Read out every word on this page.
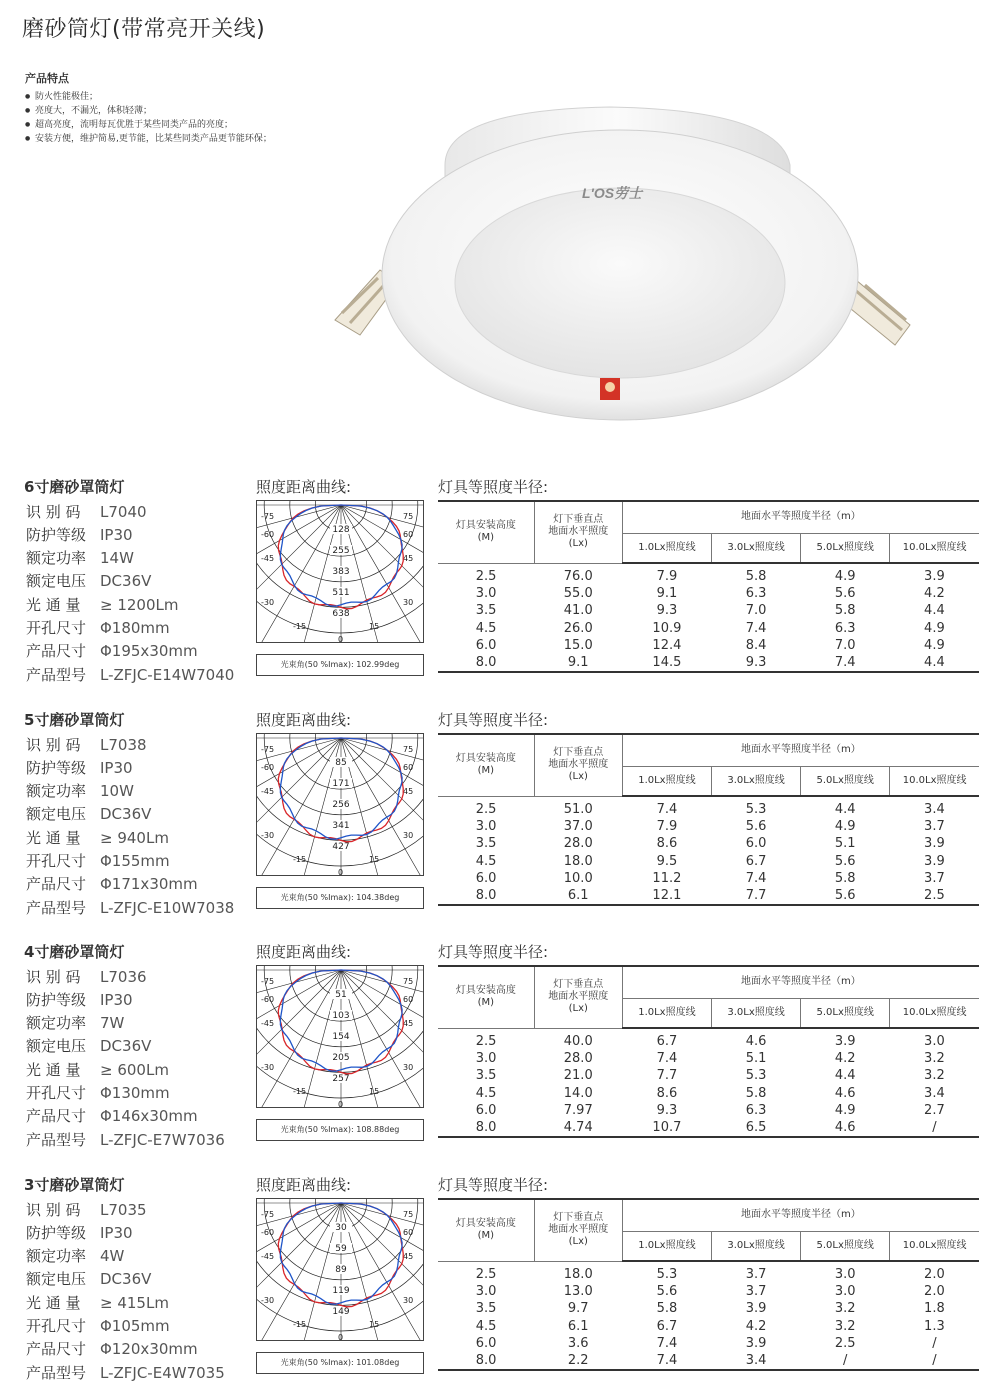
磨砂筒灯(带常亮开关线)
产品特点
● 防火性能极佳；
● 亮度大，不漏光，体积轻薄；
● 超高亮度，流明每瓦优胜于某些同类产品的亮度；
● 安装方便，维护简易,更节能，比某些同类产品更节能环保；
L'OS劳士
6寸磨砂罩筒灯
识 别 码 L7040
防护等级 IP30
额定功率 14W
额定电压 DC36V
光 通 量 ≥ 1200Lm
开孔尺寸 Φ180mm
产品尺寸 Φ195x30mm
产品型号 L-ZFJC-E14W7040
照度距离曲线:
-75
-60
-45
-30
-15
0
15
30
45
60
75
128
255
383
511
638
光束角(50 %Imax): 102.99deg
灯具等照度半径:
灯具安装高度
(M)	灯下垂直点
地面水平照度
(Lx)	地面水平等照度半径（m）			
		1.0Lx照度线	3.0Lx照度线	5.0Lx照度线	10.0Lx照度线
2.5	76.0	7.9	5.8	4.9	3.9
3.0	55.0	9.1	6.3	5.6	4.2
3.5	41.0	9.3	7.0	5.8	4.4
4.5	26.0	10.9	7.4	6.3	4.9
6.0	15.0	12.4	8.4	7.0	4.9
8.0	9.1	14.5	9.3	7.4	4.4
5寸磨砂罩筒灯
识 别 码 L7038
防护等级 IP30
额定功率 10W
额定电压 DC36V
光 通 量 ≥ 940Lm
开孔尺寸 Φ155mm
产品尺寸 Φ171x30mm
产品型号 L-ZFJC-E10W7038
照度距离曲线:
-75
-60
-45
-30
-15
0
15
30
45
60
75
85
171
256
341
427
光束角(50 %Imax): 104.38deg
灯具等照度半径:
灯具安装高度
(M)	灯下垂直点
地面水平照度
(Lx)	地面水平等照度半径（m）			
		1.0Lx照度线	3.0Lx照度线	5.0Lx照度线	10.0Lx照度线
2.5	51.0	7.4	5.3	4.4	3.4
3.0	37.0	7.9	5.6	4.9	3.7
3.5	28.0	8.6	6.0	5.1	3.9
4.5	18.0	9.5	6.7	5.6	3.9
6.0	10.0	11.2	7.4	5.8	3.7
8.0	6.1	12.1	7.7	5.6	2.5
4寸磨砂罩筒灯
识 别 码 L7036
防护等级 IP30
额定功率 7W
额定电压 DC36V
光 通 量 ≥ 600Lm
开孔尺寸 Φ130mm
产品尺寸 Φ146x30mm
产品型号 L-ZFJC-E7W7036
照度距离曲线:
-75
-60
-45
-30
-15
0
15
30
45
60
75
51
103
154
205
257
光束角(50 %Imax): 108.88deg
灯具等照度半径:
灯具安装高度
(M)	灯下垂直点
地面水平照度
(Lx)	地面水平等照度半径（m）			
		1.0Lx照度线	3.0Lx照度线	5.0Lx照度线	10.0Lx照度线
2.5	40.0	6.7	4.6	3.9	3.0
3.0	28.0	7.4	5.1	4.2	3.2
3.5	21.0	7.7	5.3	4.4	3.2
4.5	14.0	8.6	5.8	4.6	3.4
6.0	7.97	9.3	6.3	4.9	2.7
8.0	4.74	10.7	6.5	4.6	/
3寸磨砂罩筒灯
识 别 码 L7035
防护等级 IP30
额定功率 4W
额定电压 DC36V
光 通 量 ≥ 415Lm
开孔尺寸 Φ105mm
产品尺寸 Φ120x30mm
产品型号 L-ZFJC-E4W7035
照度距离曲线:
-75
-60
-45
-30
-15
0
15
30
45
60
75
30
59
89
119
149
光束角(50 %Imax): 101.08deg
灯具等照度半径:
灯具安装高度
(M)	灯下垂直点
地面水平照度
(Lx)	地面水平等照度半径（m）			
		1.0Lx照度线	3.0Lx照度线	5.0Lx照度线	10.0Lx照度线
2.5	18.0	5.3	3.7	3.0	2.0
3.0	13.0	5.6	3.7	3.0	2.0
3.5	9.7	5.8	3.9	3.2	1.8
4.5	6.1	6.7	4.2	3.2	1.3
6.0	3.6	7.4	3.9	2.5	/
8.0	2.2	7.4	3.4	/	/
